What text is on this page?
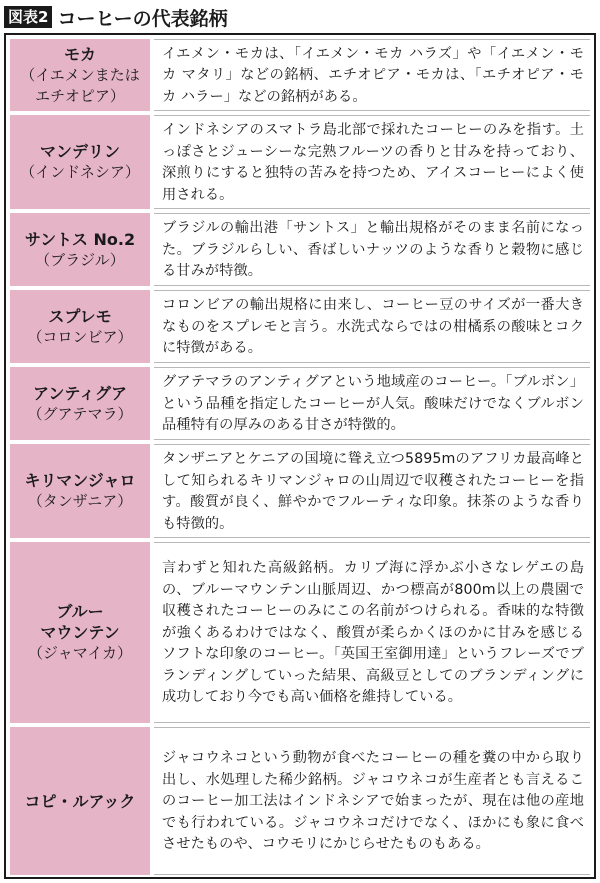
図表2 コーヒーの代表銘柄
モカ
（イエメンまたは
エチオピア）
イエメン・モカは、「イエメン・モカ ハラズ」や「イエメン・モカ マタリ」などの銘柄、エチオピア・モカは、「エチオピア・モカ ハラー」などの銘柄がある。
マンデリン
（インドネシア）
インドネシアのスマトラ島北部で採れたコーヒーのみを指す。土っぽさとジューシーな完熟フルーツの香りと甘みを持っており、深煎りにすると独特の苦みを持つため、アイスコーヒーによく使用される。
サントス No.2
（ブラジル）
ブラジルの輸出港「サントス」と輸出規格がそのまま名前になった。ブラジルらしい、香ばしいナッツのような香りと穀物に感じる甘みが特徴。
スプレモ
（コロンビア）
コロンビアの輸出規格に由来し、コーヒー豆のサイズが一番大きなものをスプレモと言う。水洗式ならではの柑橘系の酸味とコクに特徴がある。
アンティグア
（グアテマラ）
グアテマラのアンティグアという地域産のコーヒー。「ブルボン」という品種を指定したコーヒーが人気。酸味だけでなくブルボン品種特有の厚みのある甘さが特徴的。
キリマンジャロ
（タンザニア）
タンザニアとケニアの国境に聳え立つ5895mのアフリカ最高峰として知られるキリマンジャロの山周辺で収穫されたコーヒーを指す。酸質が良く、鮮やかでフルーティな印象。抹茶のような香りも特徴的。
ブルー
マウンテン
（ジャマイカ）
言わずと知れた高級銘柄。カリブ海に浮かぶ小さなレゲエの島の、ブルーマウンテン山脈周辺、かつ標高が800m以上の農園で収穫されたコーヒーのみにこの名前がつけられる。香味的な特徴が強くあるわけではなく、酸質が柔らかくほのかに甘みを感じるソフトな印象のコーヒー。「英国王室御用達」というフレーズでブランディングしていった結果、高級豆としてのブランディングに成功しており今でも高い価格を維持している。
コピ・ルアック
ジャコウネコという動物が食べたコーヒーの種を糞の中から取り出し、水処理した稀少銘柄。ジャコウネコが生産者とも言えるこのコーヒー加工法はインドネシアで始まったが、現在は他の産地でも行われている。ジャコウネコだけでなく、ほかにも象に食べさせたものや、コウモリにかじらせたものもある。
